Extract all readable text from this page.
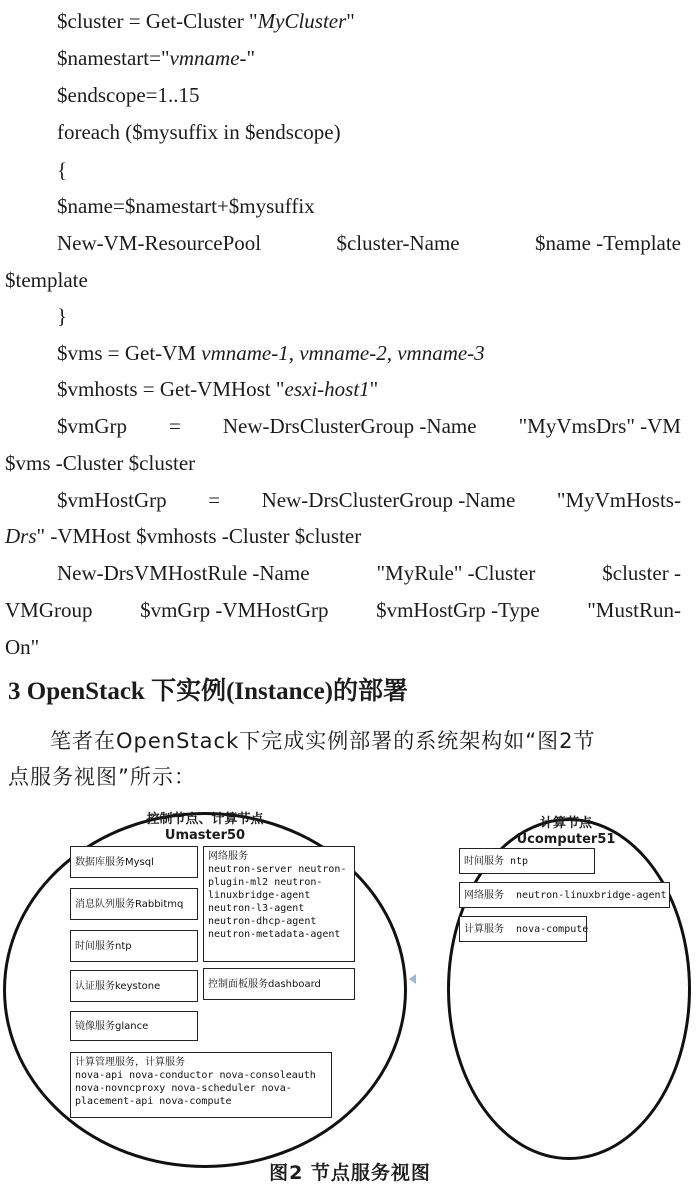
$cluster = Get-Cluster "MyCluster"

$namestart="vmname-"

$endscope=1..15

foreach ($mysuffix in $endscope)

{

$name=$namestart+$mysuffix

New-VM-ResourcePool	$cluster-Name	$name -Template

$template

}

$vms = Get-VM vmname-1, vmname-2, vmname-3

$vmhosts = Get-VMHost "esxi-host1"

$vmGrp = New-DrsClusterGroup -Name "MyVmsDrs" -VM

$vms -Cluster $cluster

$vmHostGrp = New-DrsClusterGroup -Name "MyVmHosts-

Drs" -VMHost $vmhosts -Cluster $cluster

New-DrsVMHostRule -Name	"MyRule" -Cluster	$cluster -
VMGroup $vmGrp -VMHostGrp $vmHostGrp -Type "MustRun-

On"

3 OpenStack 下实例(Instance)的部署

笔者在OpenStack下完成实例部署的系统架构如“图2节

点服务视图”所示：

控制节点、计算节点
Umaster50
数据库服务Mysql
消息队列服务Rabbitmq
时间服务ntp
认证服务keystone
镜像服务glance
网络服务
neutron-server neutron-
plugin-ml2 neutron-
linuxbridge-agent
neutron-l3-agent
neutron-dhcp-agent
neutron-metadata-agent
控制面板服务dashboard
计算管理服务，计算服务
nova-api nova-conductor nova-consoleauth
nova-novncproxy nova-scheduler nova-
placement-api nova-compute
计算节点
Ucomputer51
时间服务 ntp
网络服务  neutron-linuxbridge-agent
计算服务  nova-compute

图2 节点服务视图
